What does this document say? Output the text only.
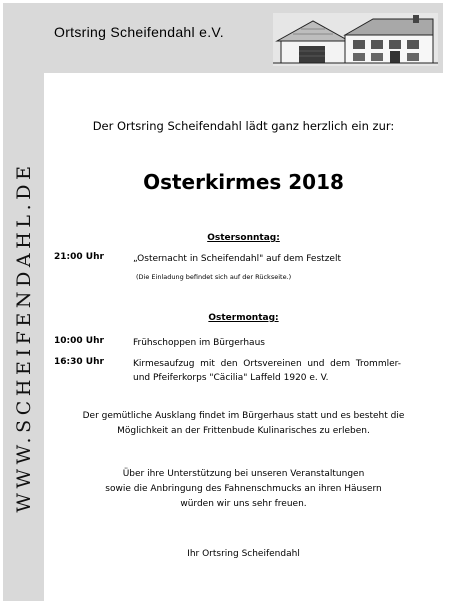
Ortsring Scheifendahl e.V.
WWW.SCHEIFENDAHL.DE
Der Ortsring Scheifendahl lädt ganz herzlich ein zur:
Osterkirmes 2018
Ostersonntag:
21:00 Uhr	„Osternacht in Scheifendahl" auf dem Festzelt
(Die Einladung befindet sich auf der Rückseite.)
Ostermontag:
10:00 Uhr	Frühschoppen im Bürgerhaus
16:30 Uhr	Kirmesaufzug mit den Ortsvereinen und dem Trommler- und Pfeiferkorps "Cäcilia" Laffeld 1920 e. V.
Der gemütliche Ausklang findet im Bürgerhaus statt und es besteht die
Möglichkeit an der Frittenbude Kulinarisches zu erleben.
Über ihre Unterstützung bei unseren Veranstaltungen
sowie die Anbringung des Fahnenschmucks an ihren Häusern
würden wir uns sehr freuen.
Ihr Ortsring Scheifendahl
